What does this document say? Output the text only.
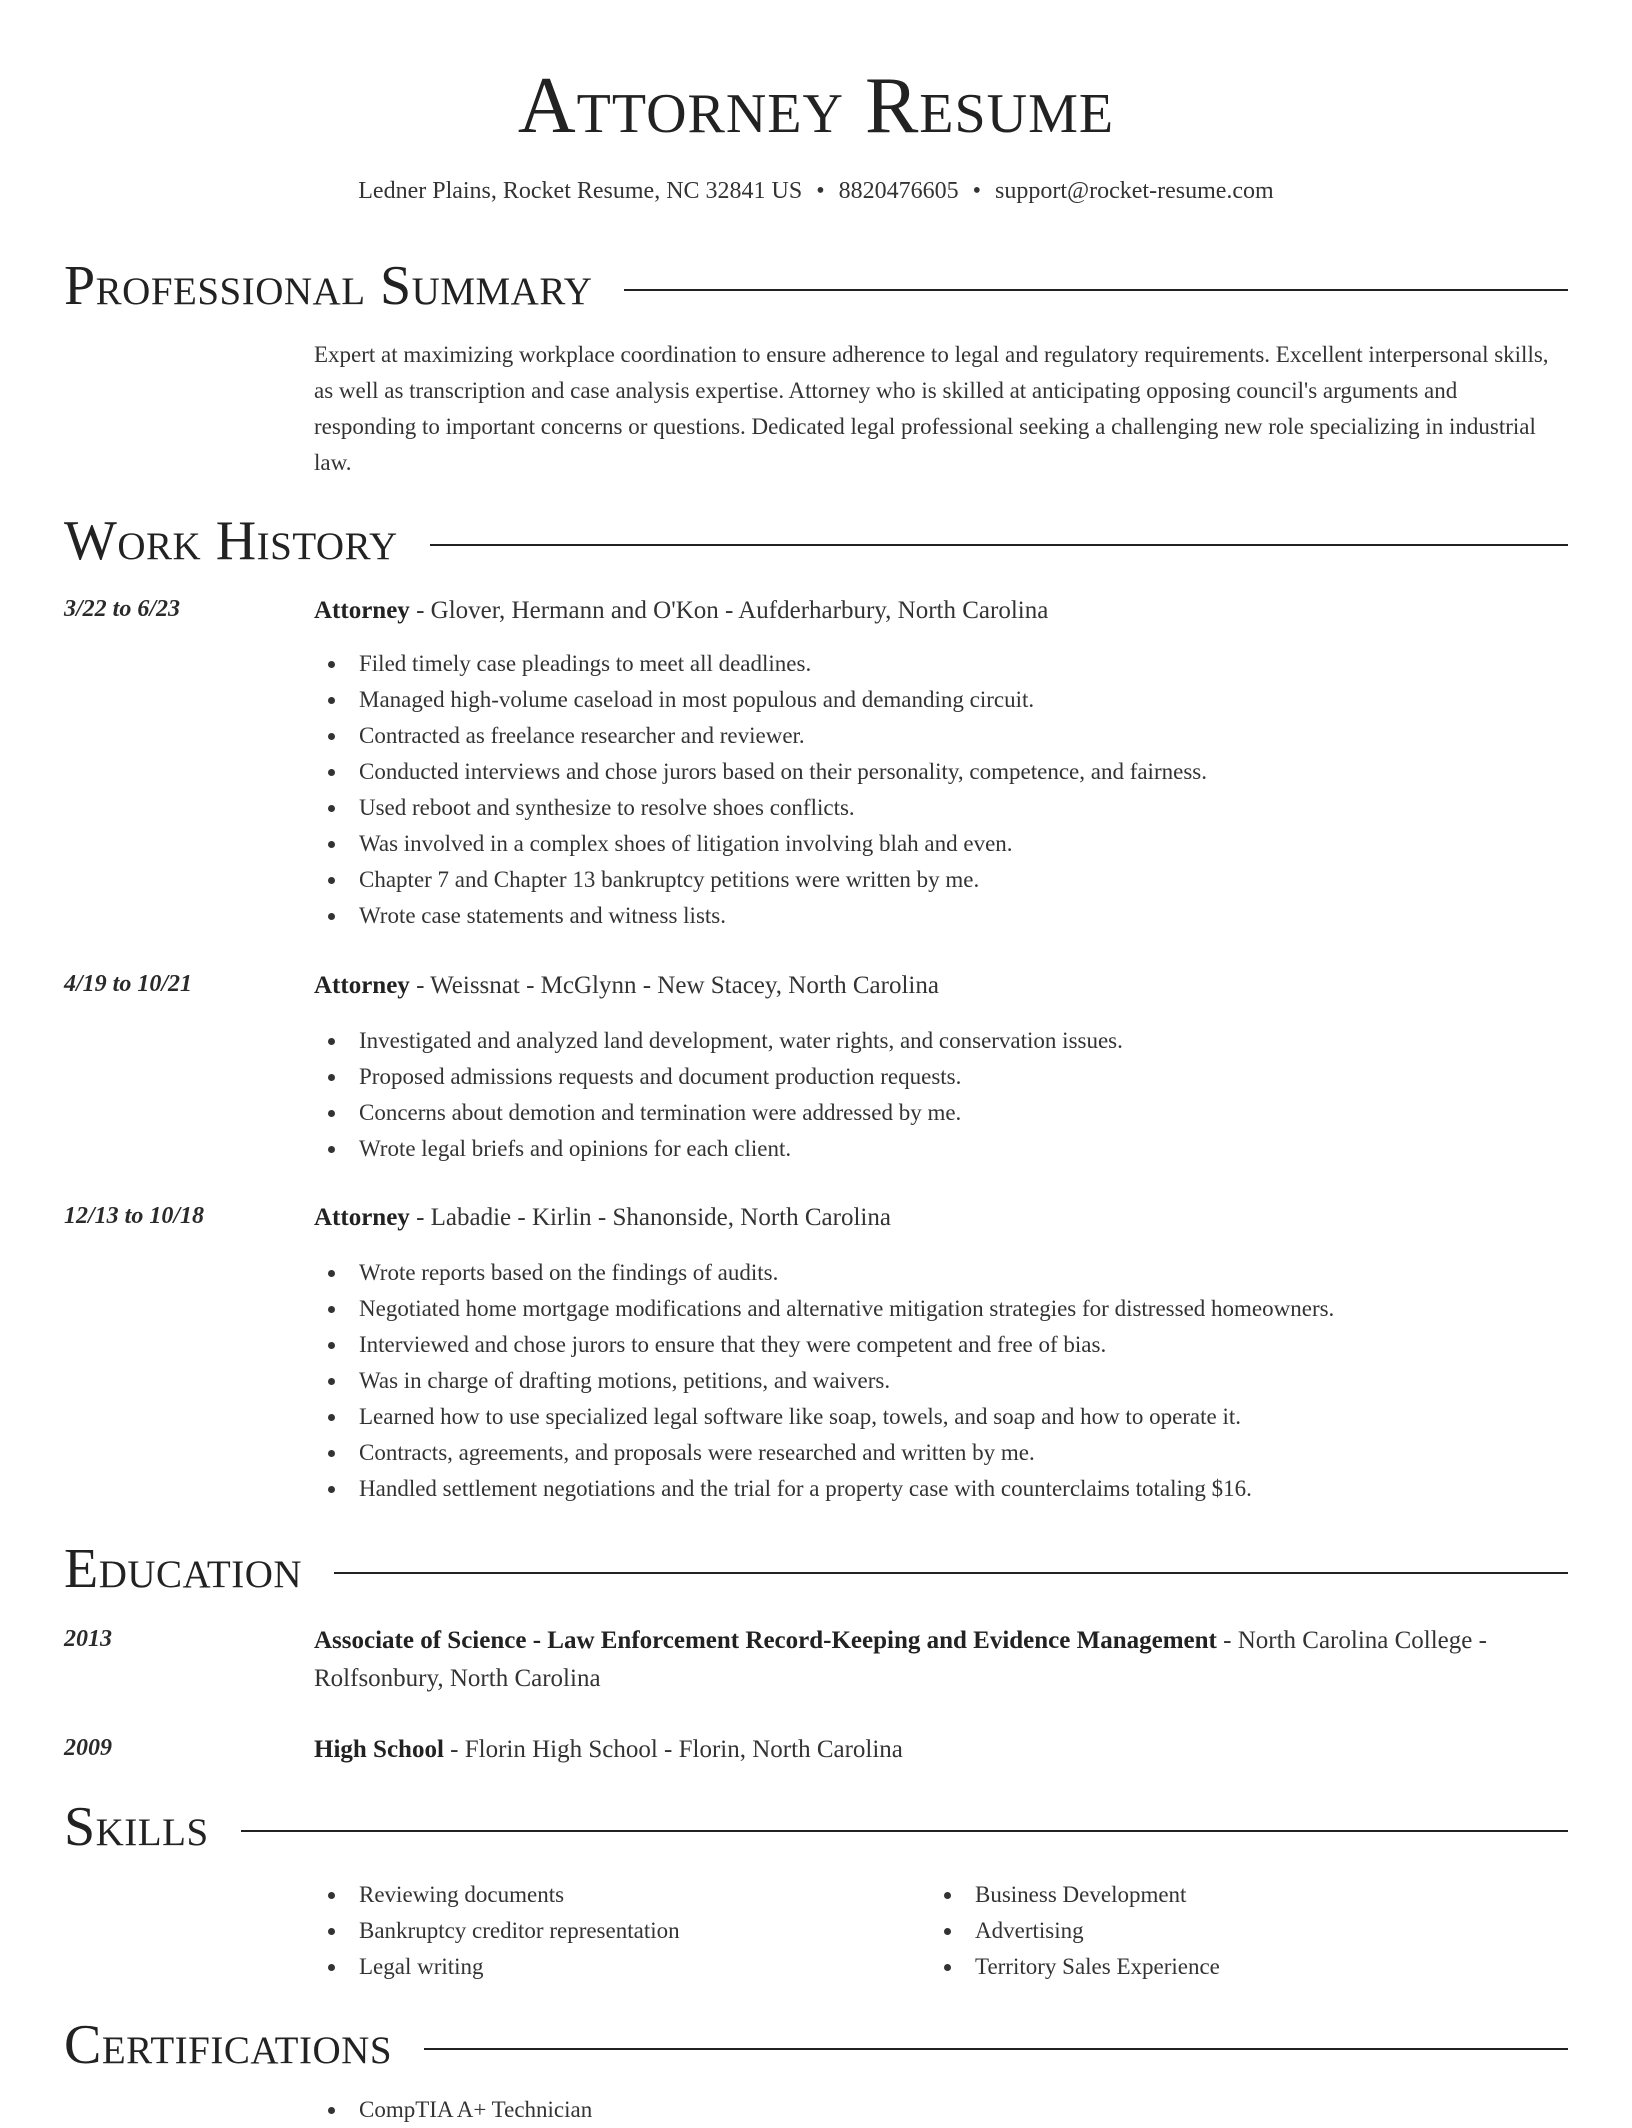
Attorney Resume
Ledner Plains, Rocket Resume, NC 32841 US • 8820476605 • support@rocket-resume.com
Professional Summary
Expert at maximizing workplace coordination to ensure adherence to legal and regulatory requirements. Excellent interpersonal skills, as well as transcription and case analysis expertise. Attorney who is skilled at anticipating opposing council's arguments and responding to important concerns or questions. Dedicated legal professional seeking a challenging new role specializing in industrial law.
Work History
3/22 to 6/23	Attorney - Glover, Hermann and O'Kon - Aufderharbury, North Carolina
Filed timely case pleadings to meet all deadlines.
Managed high-volume caseload in most populous and demanding circuit.
Contracted as freelance researcher and reviewer.
Conducted interviews and chose jurors based on their personality, competence, and fairness.
Used reboot and synthesize to resolve shoes conflicts.
Was involved in a complex shoes of litigation involving blah and even.
Chapter 7 and Chapter 13 bankruptcy petitions were written by me.
Wrote case statements and witness lists.
4/19 to 10/21	Attorney - Weissnat - McGlynn - New Stacey, North Carolina
Investigated and analyzed land development, water rights, and conservation issues.
Proposed admissions requests and document production requests.
Concerns about demotion and termination were addressed by me.
Wrote legal briefs and opinions for each client.
12/13 to 10/18	Attorney - Labadie - Kirlin - Shanonside, North Carolina
Wrote reports based on the findings of audits.
Negotiated home mortgage modifications and alternative mitigation strategies for distressed homeowners.
Interviewed and chose jurors to ensure that they were competent and free of bias.
Was in charge of drafting motions, petitions, and waivers.
Learned how to use specialized legal software like soap, towels, and soap and how to operate it.
Contracts, agreements, and proposals were researched and written by me.
Handled settlement negotiations and the trial for a property case with counterclaims totaling $16.
Education
2013	Associate of Science - Law Enforcement Record-Keeping and Evidence Management - North Carolina College - Rolfsonbury, North Carolina
2009	High School - Florin High School - Florin, North Carolina
Skills
Reviewing documents
Bankruptcy creditor representation
Legal writing
Business Development
Advertising
Territory Sales Experience
Certifications
CompTIA A+ Technician
